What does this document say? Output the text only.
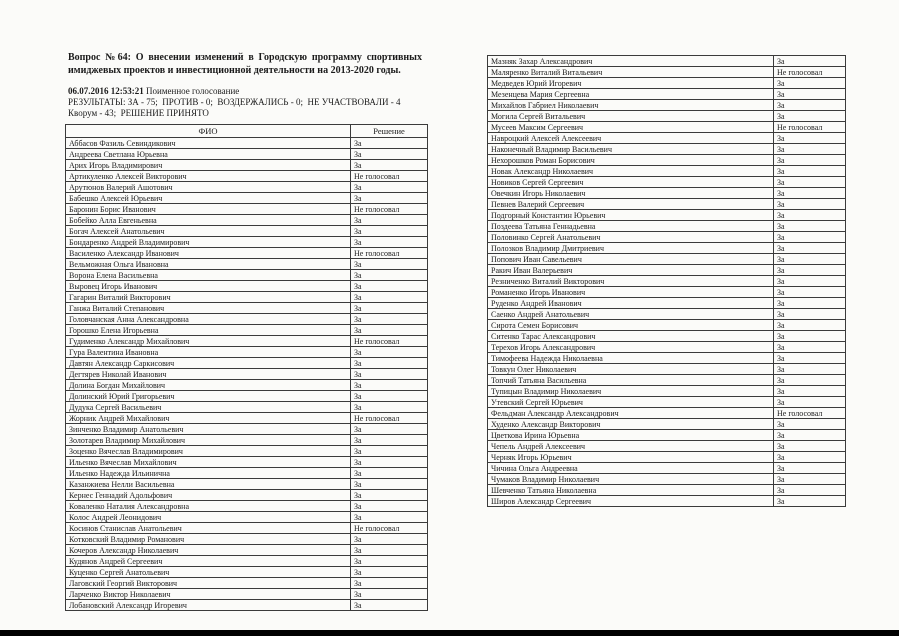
Вопрос №64: О внесении изменений в Городскую программу спортивных имиджевых проектов и инвестиционной деятельности на 2013-2020 годы.

06.07.2016 12:53:21 Поименное голосование

РЕЗУЛЬТАТЫ: ЗА - 75;  ПРОТИВ - 0;  ВОЗДЕРЖАЛИСЬ - 0;  НЕ УЧАСТВОВАЛИ - 4

Кворум - 43;  РЕШЕНИЕ ПРИНЯТО

ФИО	Решение
Аббасов Фазиль Севиндикович	За
Андреева Светлана Юрьевна	За
Арих Игорь Владимирович	За
Артикуленко Алексей Викторович	Не голосовал
Арутюнов Валерий Ашотович	За
Бабешко Алексей Юрьевич	За
Баронин Борис Иванович	Не голосовал
Бобейко Алла Евгеньевна	За
Богач Алексей Анатольевич	За
Бондаренко Андрей Владимирович	За
Василенко Александр Иванович	Не голосовал
Вельможная Ольга Ивановна	За
Ворона Елена Васильевна	За
Выровец Игорь Иванович	За
Гагарин Виталий Викторович	За
Ганжа Виталий Степанович	За
Головчанская Анна Александровна	За
Горошко Елена Игорьевна	За
Гудименко Александр Михайлович	Не голосовал
Гура Валентина Ивановна	За
Давтян Александр Саркисович	За
Дегтярев Николай Иванович	За
Долина Богдан Михайлович	За
Долинский Юрий Григорьевич	За
Дудука Сергей Васильевич	За
Жорник Андрей Михайлович	Не голосовал
Зинченко Владимир Анатольевич	За
Золотарев Владимир Михайлович	За
Зоценко Вячеслав Владимирович	За
Ильенко Вячеслав Михайлович	За
Ильенко Надежда Ильинична	За
Казанжиева Нелли Васильевна	За
Кернес Геннадий Адольфович	За
Коваленко Наталия Александровна	За
Колос Андрей Леонидович	За
Косинов Станислав Анатольевич	Не голосовал
Котковский Владимир Романович	За
Кочеров Александр Николаевич	За
Кудянов Андрей Сергеевич	За
Куценко Сергей Анатольевич	За
Лаговский Георгий Викторович	За
Ларченко Виктор Николаевич	За
Лобановский Александр Игоревич	За
Мазняк Захар Александрович	За
Маляренко Виталий Витальевич	Не голосовал
Медведев Юрий Игоревич	За
Мезенцева Мария Сергеевна	За
Михайлов Габриел Николаевич	За
Могила Сергей Витальевич	За
Мусеев Максим Сергеевич	Не голосовал
Навроцкий Алексей Алексеевич	За
Наконечный Владимир Васильевич	За
Нехорошков Роман Борисович	За
Новак Александр Николаевич	За
Новиков Сергей Сергеевич	За
Овечкин Игорь Николаевич	За
Певнев Валерий Сергеевич	За
Подгорный Константин Юрьевич	За
Поздеева Татьяна Геннадьевна	За
Половинко Сергей Анатольевич	За
Полозков Владимир Дмитриевич	За
Попович Иван Савельевич	За
Ракич Иван Валерьевич	За
Резниченко Виталий Викторович	За
Романенко Игорь Иванович	За
Руденко Андрей Иванович	За
Саенко Андрей Анатольевич	За
Сирота Семен Борисович	За
Ситенко Тарас Александрович	За
Терехов Игорь Александрович	За
Тимофеева Надежда Николаевна	За
Товкун Олег Николаевич	За
Топчий Татьяна Васильевна	За
Тупицын Владимир Николаевич	За
Утевский Сергей Юрьевич	За
Фельдман Александр Александрович	Не голосовал
Худенко Александр Викторович	За
Цветкова Ирина Юрьевна	За
Чепель Андрей Алексеевич	За
Черняк Игорь Юрьевич	За
Чичина Ольга Андреевна	За
Чумаков Владимир Николаевич	За
Шевченко Татьяна Николаевна	За
Широв Александр Сергеевич	За
